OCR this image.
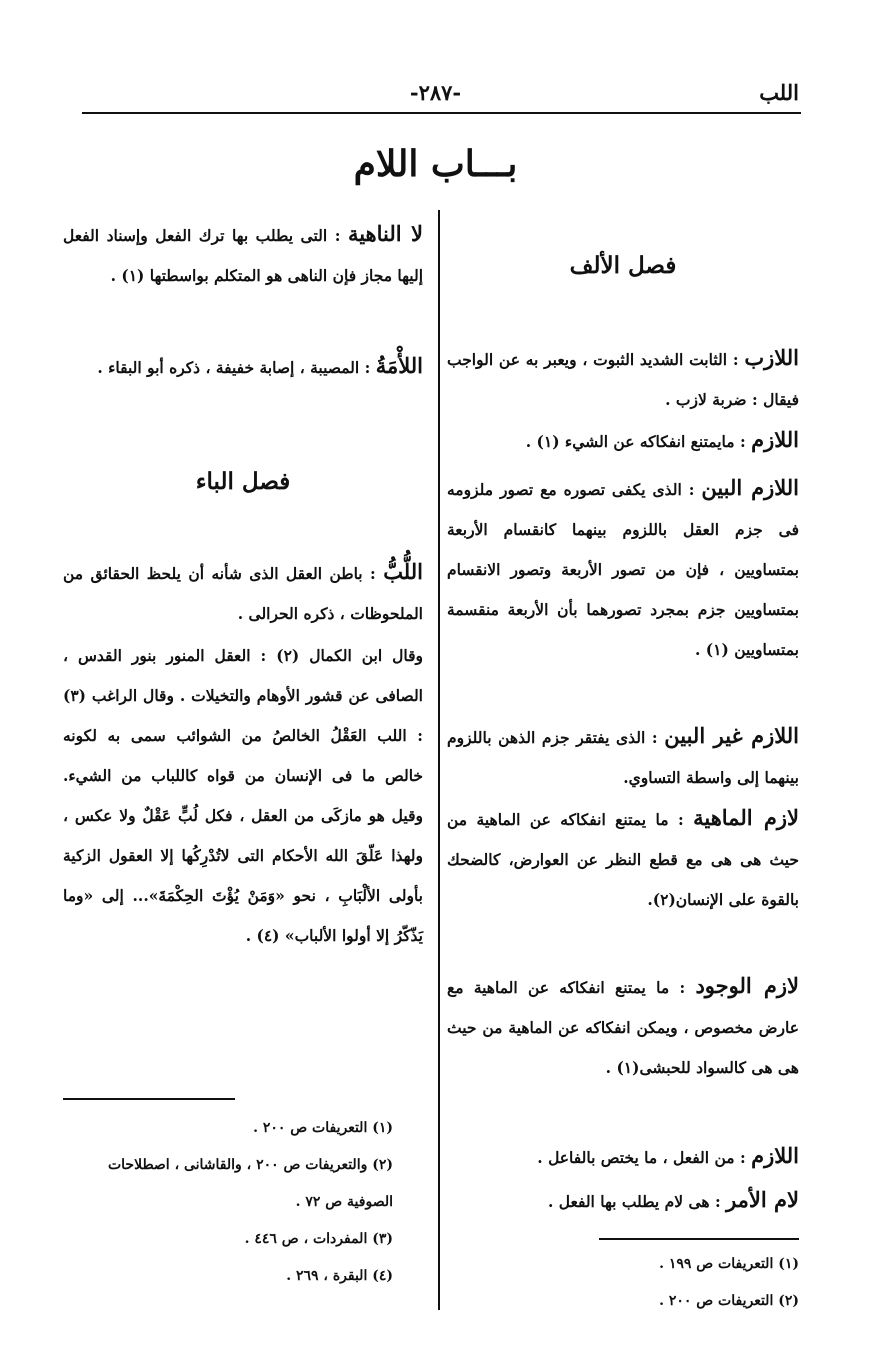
اللب
-٢٨٧-
بـــاب اللام
فصل الألف
اللازب : الثابت الشديد الثبوت ، ويعبر به عن الواجب فيقال : ضربة لازب .
اللازم : مايمتنع انفكاكه عن الشيء (١) .
اللازم البين : الذى يكفى تصوره مع تصور ملزومه فى جزم العقل باللزوم بينهما كانقسام الأربعة بمتساويين ، فإن من تصور الأربعة وتصور الانقسام بمتساويين جزم بمجرد تصورهما بأن الأربعة منقسمة بمتساويين (١) .
اللازم غير البين : الذى يفتقر جزم الذهن باللزوم بينهما إلى واسطة التساوي.
لازم الماهية : ما يمتنع انفكاكه عن الماهية من حيث هى هى مع قطع النظر عن العوارض، كالضحك بالقوة على الإنسان(٢).
لازم الوجود : ما يمتنع انفكاكه عن الماهية مع عارض مخصوص ، ويمكن انفكاكه عن الماهية من حيث هى هى كالسواد للحبشى(١) .
اللازم : من الفعل ، ما يختص بالفاعل .
لام الأمر : هى لام يطلب بها الفعل .
(١) التعريفات ص ١٩٩ .
(٢) التعريفات ص ٢٠٠ .
لا الناهية : التى يطلب بها ترك الفعل وإسناد الفعل إليها مجاز فإن الناهى هو المتكلم بواسطتها (١) .
اللأْمَةُ : المصيبة ، إصابة خفيفة ، ذكره أبو البقاء .
فصل الباء
اللُّبُّ : باطن العقل الذى شأنه أن يلحظ الحقائق من الملحوظات ، ذكره الحرالى .
وقال ابن الكمال (٢) : العقل المنور بنور القدس ، الصافى عن قشور الأوهام والتخيلات . وقال الراغب (٣) : اللب العَقْلُ الخالصُ من الشوائب سمى به لكونه خالص ما فى الإنسان من قواه كاللباب من الشيء. وقيل هو مازكَى من العقل ، فكل لُبٍّ عَقْلٌ ولا عكس ، ولهذا عَلّقَ الله الأحكام التى لاتُدْرِكُها إلا العقول الزكية بأولى الألْبَابِ ، نحو «وَمَنْ يُؤْتَ الحِكْمَةَ»... إلى «وما يَذّكّرُ إلا أولوا الألباب» (٤) .
(١) التعريفات ص ٢٠٠ .
(٢) والتعريفات ص ٢٠٠ ، والقاشانى ، اصطلاحات الصوفية ص ٧٢ .
(٣) المفردات ، ص ٤٤٦ .
(٤) البقرة ، ٢٦٩ .
